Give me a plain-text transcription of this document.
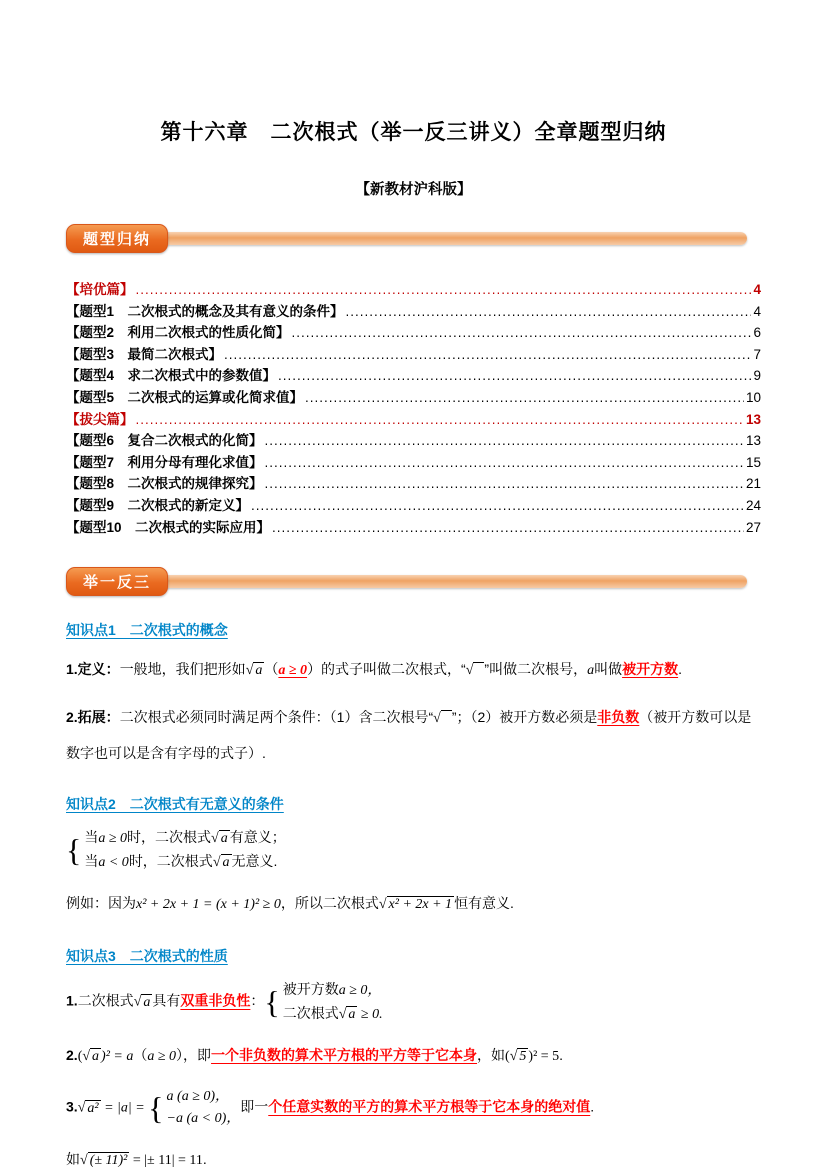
第十六章　二次根式（举一反三讲义）全章题型归纳
【新教材沪科版】
题型归纳
【培优篇】 .....	4
【题型1　二次根式的概念及其有意义的条件】 .....	4
【题型2　利用二次根式的性质化简】 .....	6
【题型3　最简二次根式】 .....	7
【题型4　求二次根式中的参数值】 .....	9
【题型5　二次根式的运算或化简求值】 .....	10
【拔尖篇】 .....	13
【题型6　复合二次根式的化简】 .....	13
【题型7　利用分母有理化求值】 .....	15
【题型8　二次根式的规律探究】 .....	21
【题型9　二次根式的新定义】 .....	24
【题型10　二次根式的实际应用】 .....	27
举一反三
知识点1　二次根式的概念

1.定义：一般地，我们把形如√ a （a ≥ 0）的式子叫做二次根式，“√ ”叫做二次根号，a叫做被开方数.

2.拓展：二次根式必须同时满足两个条件：（1）含二次根号“√ ”；（2）被开方数必须是非负数（被开方数可以是数字也可以是含有字母的式子）.

知识点2　二次根式有无意义的条件

{ 当a ≥ 0时，二次根式√ a 有意义；
当a < 0时，二次根式√ a 无意义.

例如：因为x² + 2x + 1 = (x + 1)² ≥ 0，所以二次根式√ x² + 2x + 1 恒有意义.

知识点3　二次根式的性质

1.二次根式√ a 具有双重非负性： { 被开方数a ≥ 0，
二次根式√ a ≥ 0.

2.(√ a )² = a（a ≥ 0），即一个非负数的算术平方根的平方等于它本身，如(√ 5 )² = 5.

3.√ a² = |a| = { a (a ≥ 0)，
−a (a < 0)，
即一个任意实数的平方的算术平方根等于它本身的绝对值.

如√ (± 11)² = |± 11| = 11.
